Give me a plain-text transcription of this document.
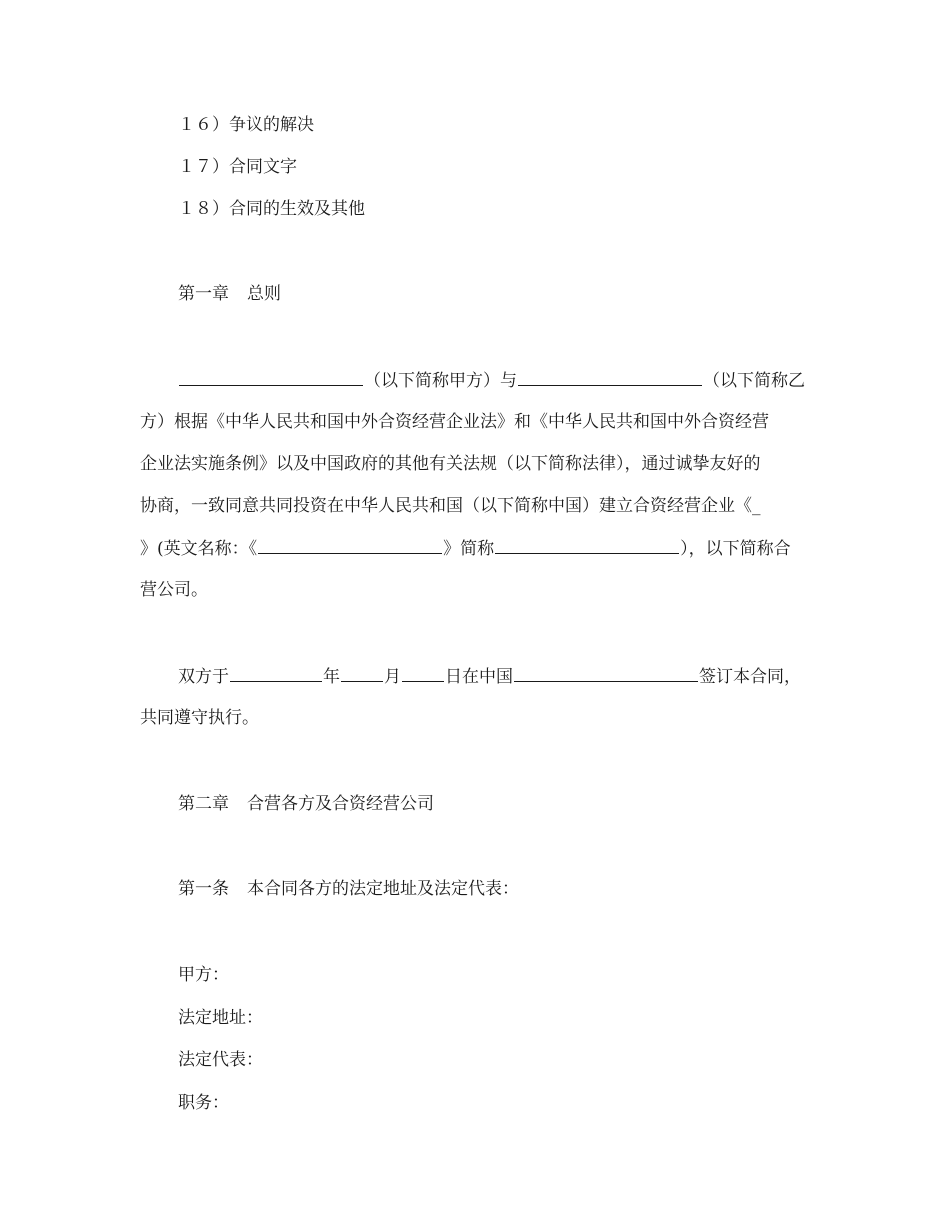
１６）争议的解决
１７）合同文字
１８）合同的生效及其他
第一章 总则
（以下简称甲方）与	（以下简称乙
方）根据《中华人民共和国中外合资经营企业法》和《中华人民共和国中外合资经营
企业法实施条例》以及中国政府的其他有关法规（以下简称法律），通过诚挚友好的
协商，一致同意共同投资在中华人民共和国（以下简称中国）建立合资经营企业《_
》(英文名称：《	》简称	），以下简称合
营公司。
双方于	年	月	日在中国	签订本合同，
共同遵守执行。
第二章 合营各方及合资经营公司
第一条 本合同各方的法定地址及法定代表：
甲方：
法定地址：
法定代表：
职务：
